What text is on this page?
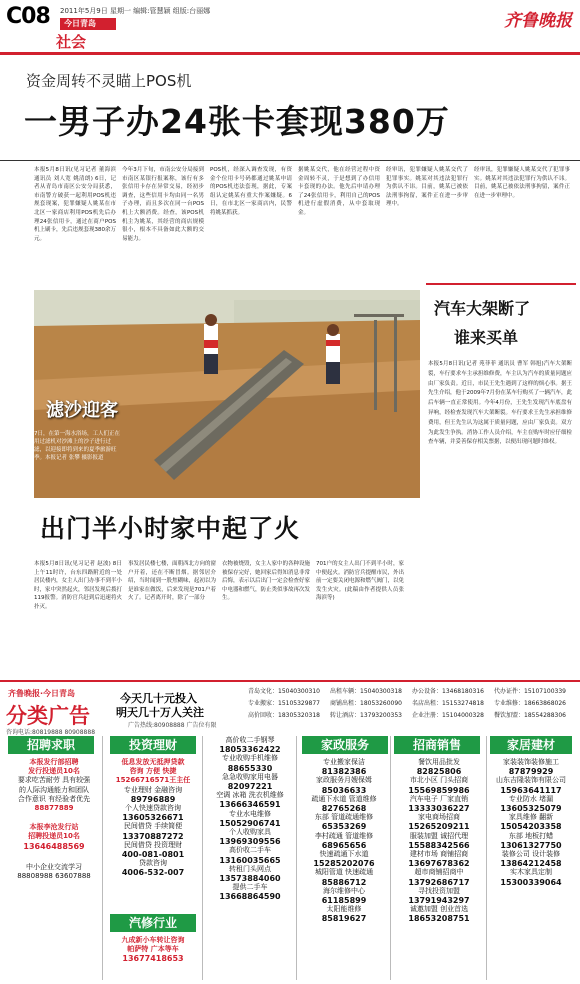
C08 2011年5月9日 星期一 编辑:管慧颖 组版:台丽娜
今日青岛
社会
齐鲁晚报
资金周转不灵瞄上POS机
一男子办24张卡套现380万
本报5月8日讯(见习记者 董海滨 通讯员 刘人宽 姚清朗) 6日，记者从青岛市南区公安分局获悉，市南警方破获一起利用POS机违规套现案，犯罪嫌疑人姚某在市北区一家商店利用POS机先后办理24张信用卡，通过在商户POS机上刷卡，先后违规套现380余万元。
今年3月下旬，市南公安分局接到市南区某银行报案称，该行有多张信用卡存在异常交易，经初步调查，这些信用卡均由同一名男子办理，而且多次在同一台POS机上大额消费。经查，该POS机机主为姚某，其经营的商店规模很小，根本不具备如此大额的交易能力。
POS机，经深入调查发现，有资金个位用卡号码都通过姚某申请的POS机违法套现，据此，专案组认定姚某有重大作案嫌疑。6日，在市北区一家商店内，民警将姚某抓获。
据姚某交代，他在经营过程中资金周转不灵，于是想到了办信用卡套现的办法。他先后申请办理了24张信用卡，利用自己的POS机进行虚假消费，从中套取现金。
经审讯，犯罪嫌疑人姚某交代了犯罪事实。姚某对其违法犯罪行为供认不讳。目前，姚某已被依法刑事拘留，案件正在进一步审理中。
经审讯，犯罪嫌疑人姚某交代了犯罪事实。姚某对其违法犯罪行为供认不讳。目前，姚某已被依法刑事拘留，案件正在进一步审理中。
滤沙迎客
7日，在第一海水浴场，工人们正在用过滤机对沙滩上的沙子进行过滤，以迎接即将到来的夏季旅游旺季。本报记者 张攀 摄影报道
汽车大架断了
谁来买单
本报5月8日讯(记者 苑菲菲 通讯员 曹军 韩旭)汽车大架断裂，车行要求车主承担维修费，车主认为汽车的质量问题应由厂家负责。近日，市民王先生遇到了这样的烦心事。据王先生介绍，他于2009年7月份在某车行购买了一辆汽车，此后车辆一直正常使用。今年4月份，王先生发现汽车底盘有异响，经检查发现汽车大架断裂。车行要求王先生承担维修费用，但王先生认为这属于质量问题，应由厂家负责。双方为此发生争执。消协工作人员介绍，车主在购车时应仔细检查车辆，并妥善保存相关票据，以便出现问题时维权。
出门半小时家中起了火
本报5月8日讯(见习记者 赵波) 8日上午11时许，台东四路附近的一处居民楼内，女主人出门办事不到半小时，家中突然起火，邻居发现后拨打119报警。消防官兵赶到后迅速将火扑灭。
事发居民楼七楼，面朝西北方向的窗户开着，还在不断冒烟。据邻居介绍，当时闻到一股焦糊味，起初以为是谁家在做饭，后来发现是701户着火了。记者离开时，除了一部分
衣物被烧毁，女主人家中的各种设施被保存完好，她回家后得知消息非常后悔，表示以后出门一定会检查好家中电器和燃气，防止类似事故再次发生。
701户的女主人出门不到半小时，家中便起火。消防官兵提醒市民，外出前一定要关闭电源和燃气阀门，以免发生火灾。(此稿由作者提供人员张海滨等)
齐鲁晚报·今日青岛
分类广告
咨询电话:80819888 80908888
今天几十元投入
明天几十万人关注
广告热线:80908888 广告位有限
青岛文化：15040300310
专业搬家：15105329877
高价回收：18305320318
出租车辆：15040300318
商铺出租：18053260090
转让酒店：13793200353
办公设备：13468180316
名店出租：15153274818
企业注册：15104000328
代办证件：15107100339
专业维修：18663868026
餐饮加盟：18554288306
招聘求职	投资理财
汽修行业
家政服务	招商销售	家居建材
本报发行部招聘
发行投递员10名
要求吃苦耐劳 具有较强
的人际沟通能力和团队
合作意识 有经验者优先
88877889
本报李沧发行站
招聘投递员10名
13646488569
中小企业交流学习
88808988 63607888
低息发放无抵押贷款
咨询 方便 快捷
15266716571王主任
专业理财 金融咨询
89796889
个人快速贷款咨询
13605326671
民间借贷 手续简便
13370887272
民间借贷 投资理财
400-081-0801
贷款咨询
4006-532-007
九成新小车转让咨询
帕萨特 广本等车
13677418653
高价收二手钢琴
18053362422
专业收购手机维修
88655330
急急收购家用电器
82097221
空调 冰箱 洗衣机维修
13666346591
专业水电维修
15052906741
个人收购家具
13969309556
高价收二手车
13160035665
转租门头网点
13573884060
提供二手车
13668864590
专业搬家保洁
81382386
家政服务月嫂保姆
85036633
疏通下水道 管道维修
82765268
东部 管道疏通维修
65353269
李村疏通 管道维修
68965656
快速疏通下水道
15285202076
城阳管道 快速疏通
85886712
海尔维修中心
61185899
太阳能维修
85819627
餐饮用品批发
82825806
市北小区 门头招商
15569859986
汽车电子 厂家直销
13333036227
家电商场招商
15265209211
服装加盟 诚招代理
15588342566
建材市场 商铺招商
13697678362
超市商铺招商中
13792686717
寻找投资加盟
13791943297
诚邀加盟 创业首选
18653208751
家装装饰装修施工
87879929
山东吉隆装饰有限公司
15963641117
专业防水 堵漏
13605325079
家具维修 翻新
15054203358
东部 地板打蜡
13061327750
装修公司 设计装修
13864212458
实木家具定制
15300339064
